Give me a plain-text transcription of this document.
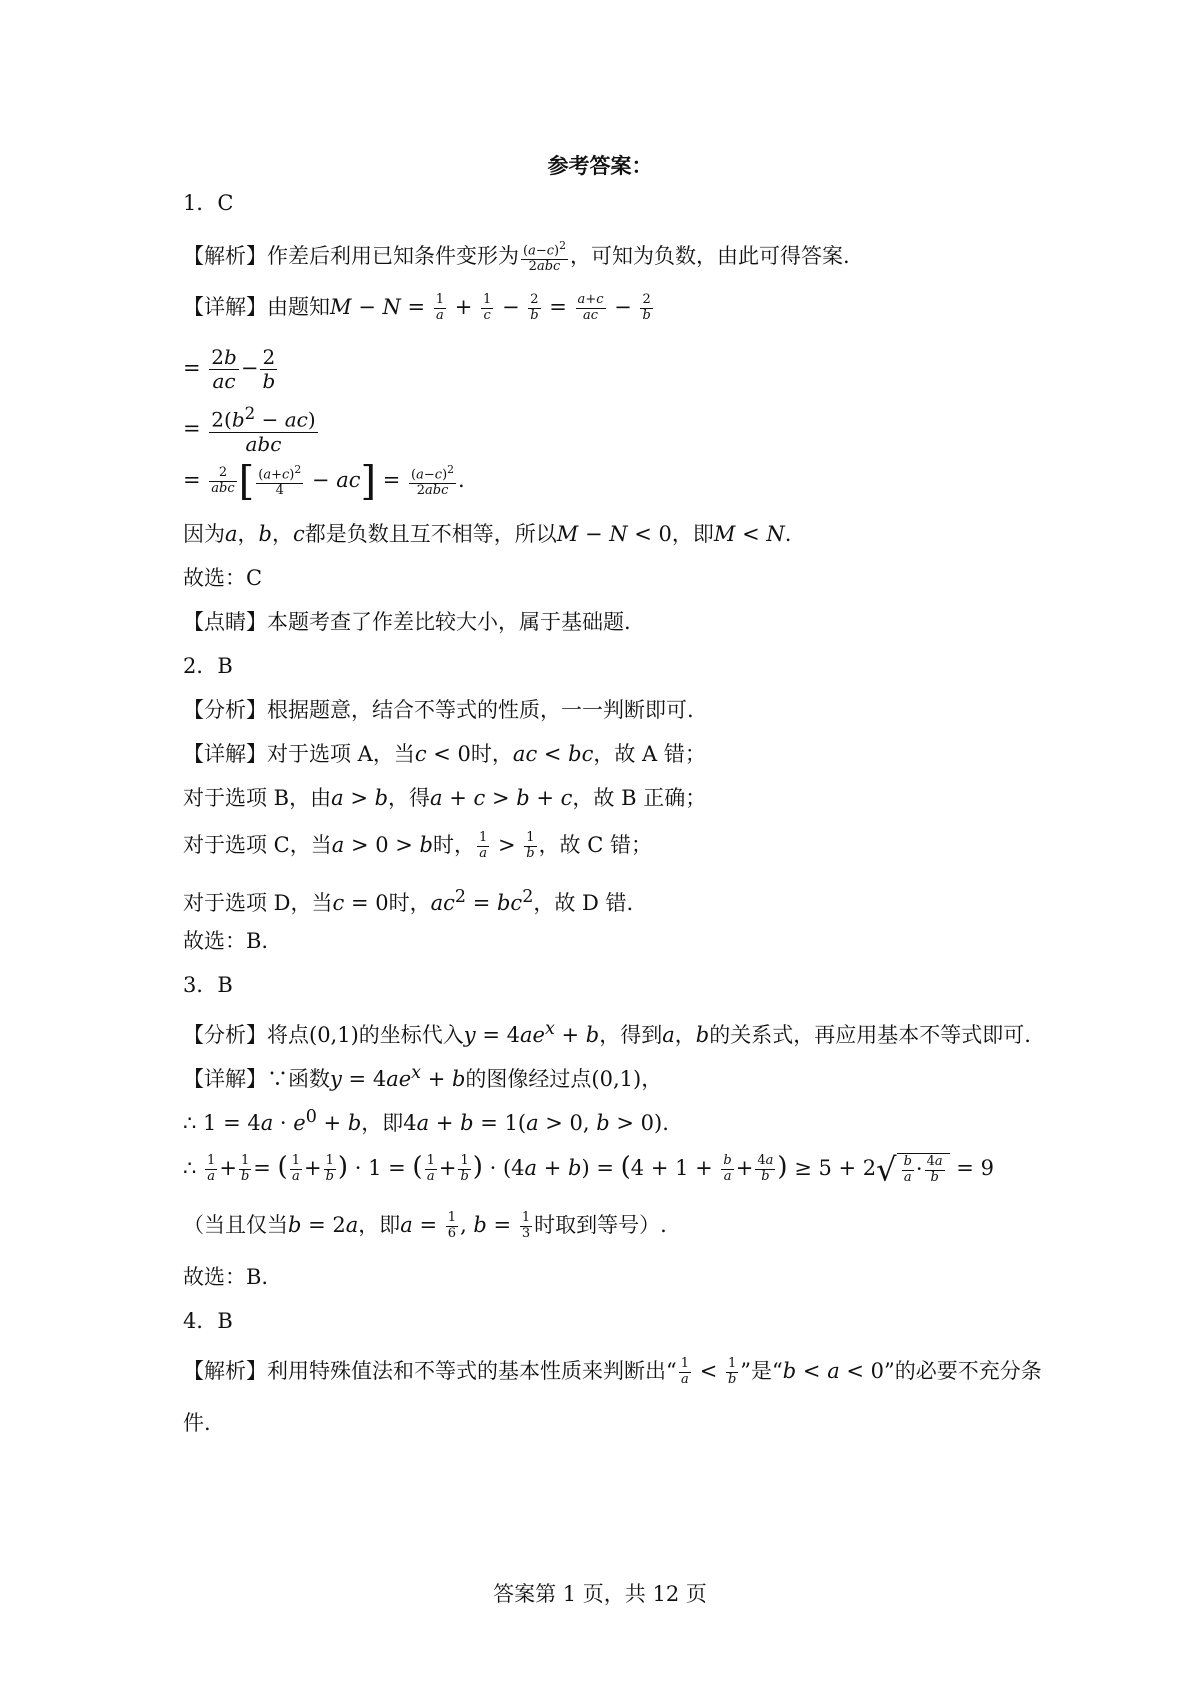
参考答案：
1．C
【解析】作差后利用已知条件变形为 $\frac{(a-c)^2}{\text{2abc}}$ ，可知为负数，由此可得答案.
【详解】由题知$M - N = \frac{1}{a} + \frac{1}{c} - \frac{2}{b} = \frac{a+c}{ac} - \frac{2}{b}$
= $\frac{2b}{ac} - \frac{2}{b}$
= $\frac{2(b^2 - ac)}{\text{abc}}$
= $\frac{2}{\text{abc}}$ [ $\frac{(a+c)^2}{4} - ac] = \frac{(a-c)^2}{\text{2abc}}$ .
因为a，b，c都是负数且互不相等，所以M − N < 0，即M < N.
故选：C
【点睛】本题考查了作差比较大小，属于基础题.
2．B
【分析】根据题意，结合不等式的性质，一一判断即可.
【详解】对于选项 A，当c < 0时，ac < bc，故 A 错；
对于选项 B，由a > b，得a + c > b + c，故 B 正确；
对于选项 C，当a > 0 > b时， $\frac{1}{a} > \frac{1}{b}$ ，故 C 错；
对于选项 D，当c = 0时，$ac^2 = bc^2$，故 D 错.
故选：B.
3．B
【分析】将点(0,1)的坐标代入$y = 4ae^x + b$，得到a，b的关系式，再应用基本不等式即可.
【详解】∵函数$y = 4ae^x + b$的图像经过点(0,1)，
∴ $1 = 4a \cdot e^0 + b$，即4a + b = 1(a > 0, b > 0).
∴ $\frac{1}{a} + \frac{1}{b}$ = ( $\frac{1}{a} + \frac{1}{b}$ ) · 1 = ( $\frac{1}{a} + \frac{1}{b}$ ) · $(4a + b) = (4 + 1 + \frac{b}{a} + \frac{4a}{b}$ ) ≥ $5 + 2√ \frac{b}{a} \cdot \frac{4a}{b} = 9$
（当且仅当b = 2a，即$a = \frac{1}{6}$ , $b = \frac{1}{3}$ 时取到等号）.
故选：B.
4．B
【解析】利用特殊值法和不等式的基本性质来判断出“ $\frac{1}{a} < \frac{1}{b}$ ”是“b < a < 0”的必要不充分条
件.
答案第 1 页，共 12 页
